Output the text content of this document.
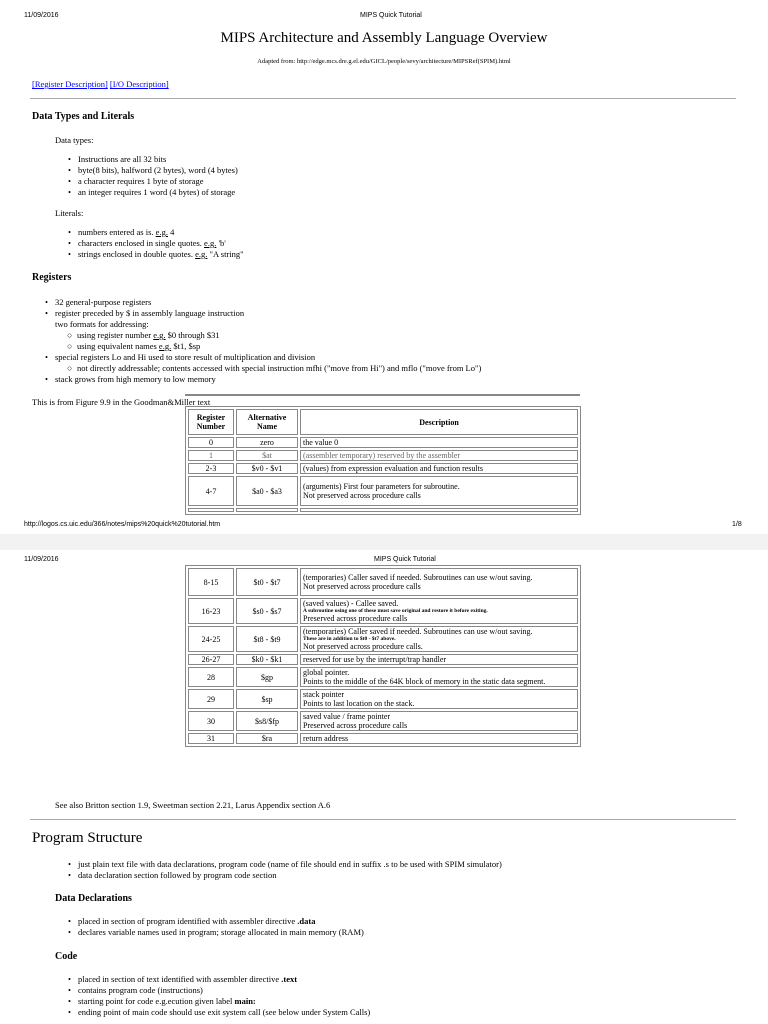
11/09/2016	MIPS Quick Tutorial
MIPS Architecture and Assembly Language Overview
Adapted from: http://edge.mcs.dre.g.el.edu/GICL/people/sevy/architecture/MIPSRef(SPIM).html
[Register Description] [I/O Description]
Data Types and Literals
Data types:
• Instructions are all 32 bits
• byte(8 bits), halfword (2 bytes), word (4 bytes)
• a character requires 1 byte of storage
• an integer requires 1 word (4 bytes) of storage
Literals:
• numbers entered as is. e.g. 4
• characters enclosed in single quotes. e.g. 'b'
• strings enclosed in double quotes. e.g. "A string"
Registers
• 32 general-purpose registers
• register preceded by $ in assembly language instruction
two formats for addressing:
○ using register number e.g. $0 through $31
○ using equivalent names e.g. $t1, $sp
• special registers Lo and Hi used to store result of multiplication and division
○ not directly addressable; contents accessed with special instruction mfhi ("move from Hi") and mflo ("move from Lo")
• stack grows from high memory to low memory
This is from Figure 9.9 in the Goodman&Miller text
Register Number	Alternative Name	Description
0	zero	the value 0
1	$at	(assembler temporary) reserved by the assembler
2-3	$v0 - $v1	(values) from expression evaluation and function results
4-7	$a0 - $a3	(arguments) First four parameters for subroutine.
Not preserved across procedure calls

http://logos.cs.uic.edu/366/notes/mips%20quick%20tutorial.htm	1/8
11/09/2016	MIPS Quick Tutorial
8-15	$t0 - $t7	(temporaries) Caller saved if needed. Subroutines can use w/out saving.
Not preserved across procedure calls

16-23	$s0 - $s7	(saved values) - Callee saved.
A subroutine using one of these must save original and restore it before exiting.
Preserved across procedure calls

24-25	$t8 - $t9	(temporaries) Caller saved if needed. Subroutines can use w/out saving.
These are in addition to $t0 - $t7 above.
Not preserved across procedure calls.

26-27	$k0 - $k1	reserved for use by the interrupt/trap handler
28	$gp	global pointer.
Points to the middle of the 64K block of memory in the static data segment.

29	$sp	stack pointer
Points to last location on the stack.

30	$s8/$fp	saved value / frame pointer
Preserved across procedure calls

31	$ra	return address
See also Britton section 1.9, Sweetman section 2.21, Larus Appendix section A.6
Program Structure
• just plain text file with data declarations, program code (name of file should end in suffix .s to be used with SPIM simulator)
• data declaration section followed by program code section
Data Declarations
• placed in section of program identified with assembler directive .data
• declares variable names used in program; storage allocated in main memory (RAM)
Code
• placed in section of text identified with assembler directive .text
• contains program code (instructions)
• starting point for code e.g.ecution given label main:
• ending point of main code should use exit system call (see below under System Calls)
